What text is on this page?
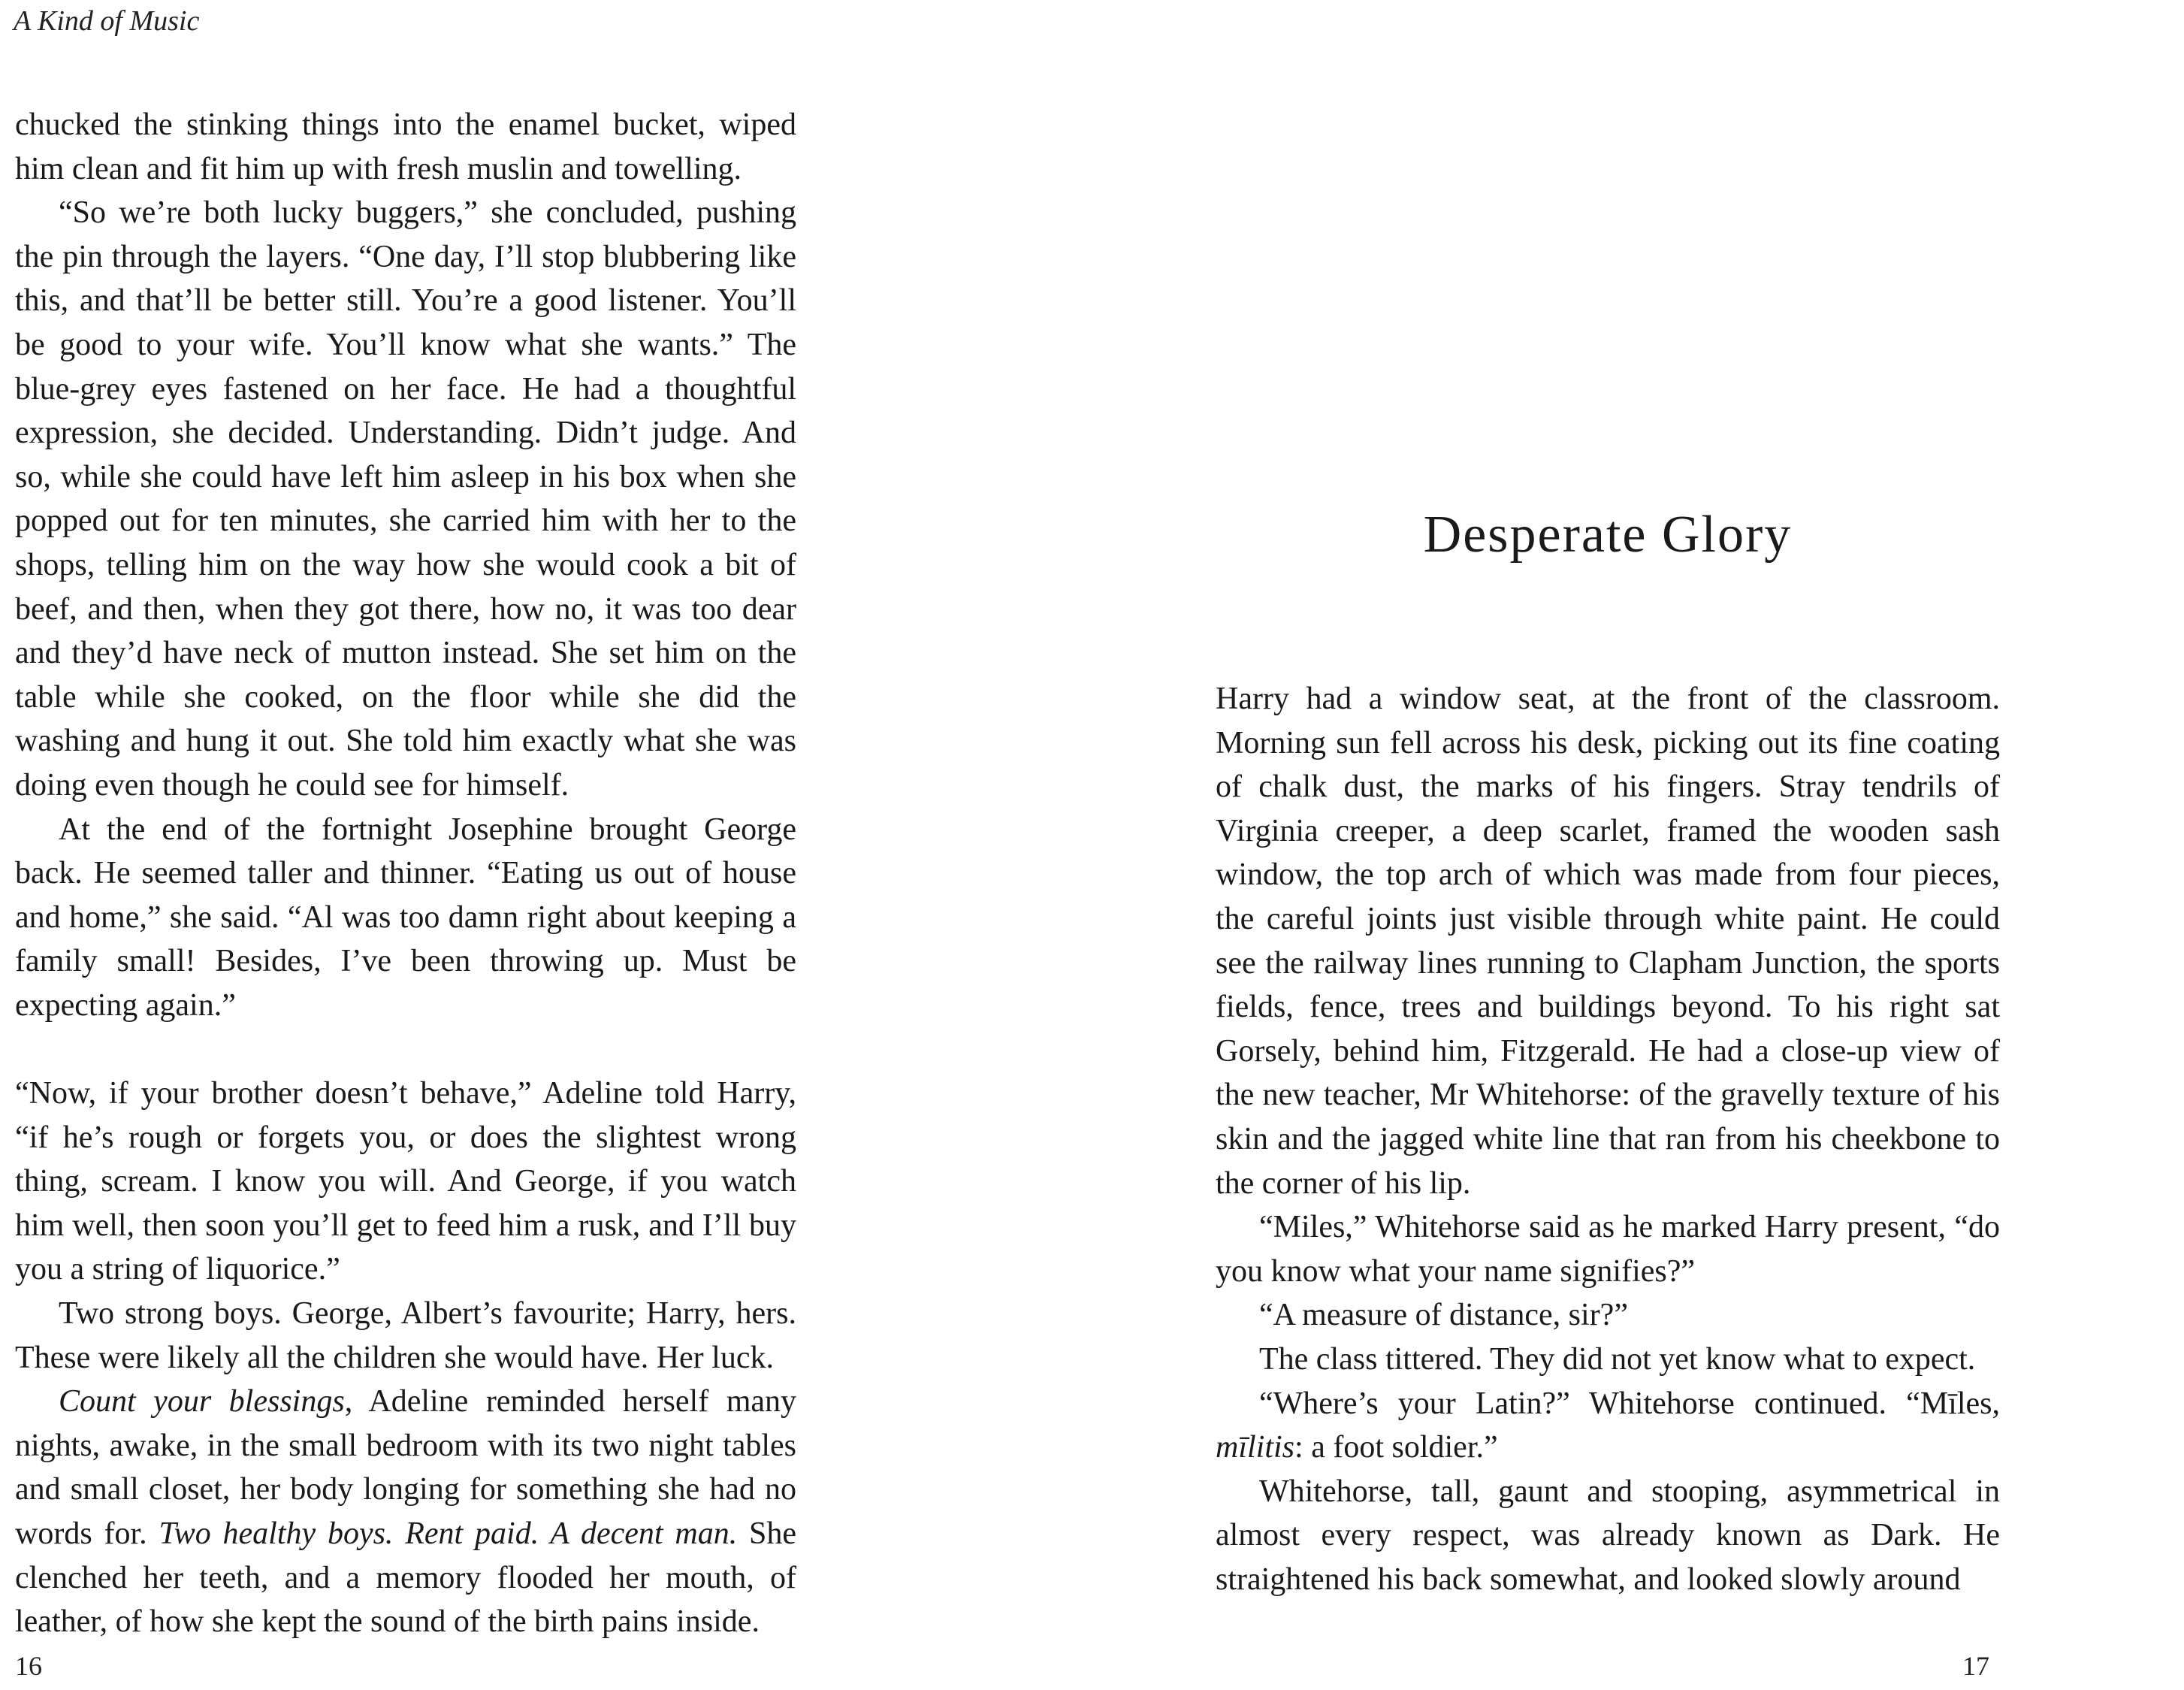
A Kind of Music

chucked the stinking things into the enamel bucket, wiped him clean and fit him up with fresh muslin and towelling.

“So we’re both lucky buggers,” she concluded, pushing the pin through the layers. “One day, I’ll stop blubbering like this, and that’ll be better still. You’re a good listener. You’ll be good to your wife. You’ll know what she wants.” The blue-grey eyes fastened on her face. He had a thoughtful expression, she decided. Understanding. Didn’t judge. And so, while she could have left him asleep in his box when she popped out for ten minutes, she carried him with her to the shops, telling him on the way how she would cook a bit of beef, and then, when they got there, how no, it was too dear and they’d have neck of mutton instead. She set him on the table while she cooked, on the floor while she did the washing and hung it out. She told him exactly what she was doing even though he could see for himself.

At the end of the fortnight Josephine brought George back. He seemed taller and thinner. “Eating us out of house and home,” she said. “Al was too damn right about keeping a family small! Besides, I’ve been throwing up. Must be expecting again.”

“Now, if your brother doesn’t behave,” Adeline told Harry, “if he’s rough or forgets you, or does the slightest wrong thing, scream. I know you will. And George, if you watch him well, then soon you’ll get to feed him a rusk, and I’ll buy you a string of liquorice.”

Two strong boys. George, Albert’s favourite; Harry, hers. These were likely all the children she would have. Her luck.

Count your blessings, Adeline reminded herself many nights, awake, in the small bedroom with its two night tables and small closet, her body longing for something she had no words for. Two healthy boys. Rent paid. A decent man. She clenched her teeth, and a memory flooded her mouth, of leather, of how she kept the sound of the birth pains inside.

16
Desperate Glory

Harry had a window seat, at the front of the classroom. Morning sun fell across his desk, picking out its fine coating of chalk dust, the marks of his fingers. Stray tendrils of Virginia creeper, a deep scarlet, framed the wooden sash window, the top arch of which was made from four pieces, the careful joints just visible through white paint. He could see the railway lines running to Clapham Junction, the sports fields, fence, trees and buildings beyond. To his right sat Gorsely, behind him, Fitzgerald. He had a close-up view of the new teacher, Mr Whitehorse: of the gravelly texture of his skin and the jagged white line that ran from his cheekbone to the corner of his lip.

“Miles,” Whitehorse said as he marked Harry present, “do you know what your name signifies?”

“A measure of distance, sir?”

The class tittered. They did not yet know what to expect.

“Where’s your Latin?” Whitehorse continued. “Mīles, mīlitis: a foot soldier.”

Whitehorse, tall, gaunt and stooping, asymmetrical in almost every respect, was already known as Dark. He straightened his back somewhat, and looked slowly around

17
